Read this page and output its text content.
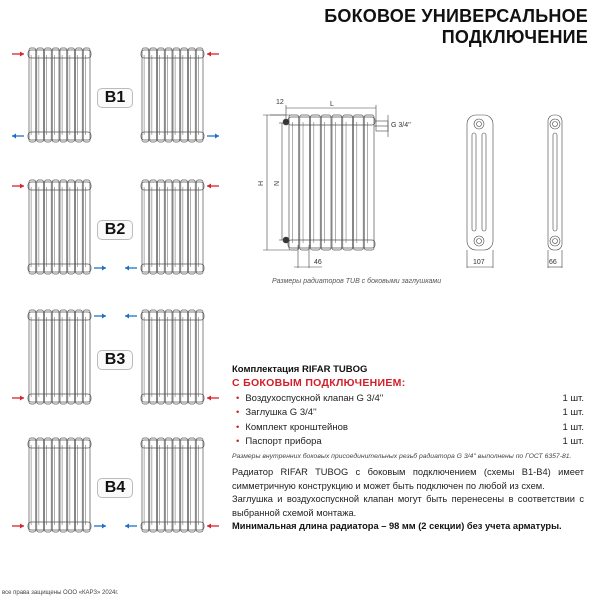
БОКОВОЕ УНИВЕРСАЛЬНОЕ
ПОДКЛЮЧЕНИЕ
B1
B2
B3
B4
12	L
G 3/4''
H N
46	107	66
Размеры радиаторов TUB с боковыми заглушками
Комплектация RIFAR TUBOG
С БОКОВЫМ ПОДКЛЮЧЕНИЕМ:
• Воздухоспускной клапан G 3/4''	1 шт.
• Заглушка G 3/4''	1 шт.
• Комплект кронштейнов	1 шт.
• Паспорт прибора	1 шт.
Размеры внутренних боковых присоединительных резьб радиатора G 3/4'' выполнены по ГОСТ 6357-81.

Радиатор RIFAR TUBOG с боковым подключением (схемы В1-В4) имеет симметричную конструкцию и может быть подключен по любой из схем.

Заглушка и воздухоспускной клапан могут быть перенесены в соответствии с выбранной схемой монтажа.

Минимальная длина радиатора – 98 мм (2 секции) без учета арматуры.

все права защищены ООО «КАРЗ» 2024г.
